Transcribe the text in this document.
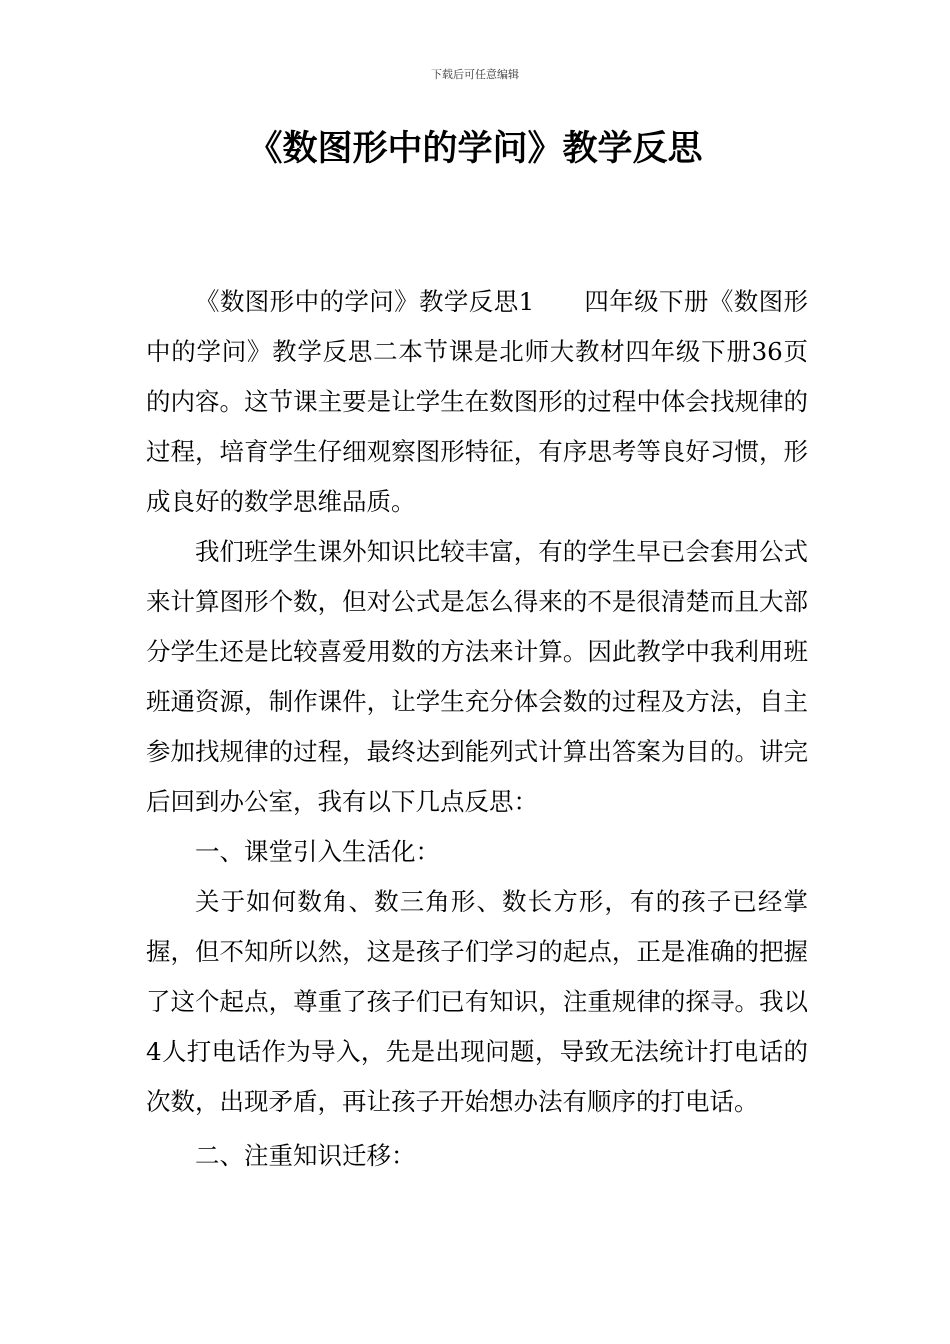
下载后可任意编辑
《数图形中的学问》教学反思

《数图形中的学问》教学反思1　　四年级下册《数图形中的学问》教学反思二本节课是北师大教材四年级下册36页的内容。这节课主要是让学生在数图形的过程中体会找规律的过程，培育学生仔细观察图形特征，有序思考等良好习惯，形成良好的数学思维品质。

我们班学生课外知识比较丰富，有的学生早已会套用公式来计算图形个数，但对公式是怎么得来的不是很清楚而且大部分学生还是比较喜爱用数的方法来计算。因此教学中我利用班班通资源，制作课件，让学生充分体会数的过程及方法，自主参加找规律的过程，最终达到能列式计算出答案为目的。讲完后回到办公室，我有以下几点反思：

一、课堂引入生活化：

关于如何数角、数三角形、数长方形，有的孩子已经掌握，但不知所以然，这是孩子们学习的起点，正是准确的把握了这个起点，尊重了孩子们已有知识，注重规律的探寻。我以4人打电话作为导入，先是出现问题，导致无法统计打电话的次数，出现矛盾，再让孩子开始想办法有顺序的打电话。

二、注重知识迁移：
